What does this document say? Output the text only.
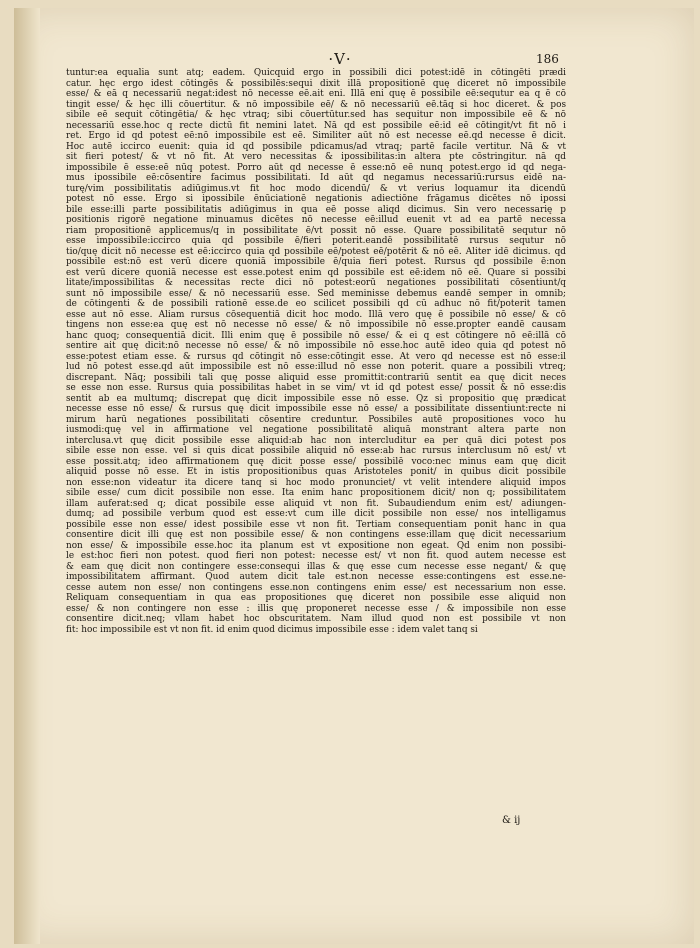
·V·	186
tuntur:ea equalia sunt atq; eadem. Quicquid ergo in possibili dici potest:idē in cōtingēti prædi
catur. hęc ergo idest cōtingēs & possibilēs:sequi dixit illā propositionē quę diceret nō impossibile
esse/ & eā q necessariū negat:idest nō necesse eē.ait eni. Illā eni quę ē possibile eē:sequtur ea q ē cō
tingit esse/ & hęc illi cōuertitur. & nō impossibile eē/ & nō necessariū eē.tāq si hoc diceret. & pos
sibile eē sequit cōtingētia/ & hęc vtraq; sibi cōuertūtur.sed has sequitur non impossibile eē & nō
necessariū esse.hoc q recte dictū fit nemini latet. Nā qd est possibile eē:id eē cōtingit/vt fit nō i
ret. Ergo id qd potest eē:nō impossibile est eē. Similiter aūt nō est necesse eē.qd necesse ē dicit.
Hoc autē iccirco euenit: quia id qd possibile pdicamus/ad vtraq; partē facile vertitur. Nā & vt
sit fieri potest/ & vt nō fit. At vero necessitas & ipossibilitas:in altera pte cōstringitur. nā qd
impossibile ē esse:eē nūq potest. Porro aūt qd necesse ē esse:nō eē nunq potest.ergo id qd nega-
mus ipossibile eē:cōsentire facimus possibilitati. Id aūt qd negamus necessariū:rursus eidē na-
turę/vim possibilitatis adiūgimus.vt fit hoc modo dicendū/ & vt verius loquamur ita dicendū
potest nō esse. Ergo si ipossibile ēnūciationē negationis adiectiōne frāgamus dicētes nō ipossi
bile esse:illi parte possibilitatis adiūgimus in qua eē posse aliqd dicimus. Sin vero necessarię p
positionis rigorē negatione minuamus dicētes nō necesse eē:illud euenit vt ad ea partē necessa
riam propositionē applicemus/q in possibilitate ē/vt possit nō esse. Quare possibilitatē sequtur nō
esse impossibile:iccirco quia qd possibile ē/fieri poterit.eandē possibilitatē rursus sequtur nō
tio/quę dicit nō necesse est eē:iccirco quia qd possibile eē/potest eē/potērit & nō eē. Aliter idē dicimus. qd
possibile est:nō est verū dicere quoniā impossibile ē/quia fieri potest. Rursus qd possibile ē:non
est verū dicere quoniā necesse est esse.potest enim qd possibile est eē:idem nō eē. Quare si possibi
litate/impossibilitas & necessitas recte dici nō potest:eorū negationes possibilitati cōsentiunt/q
sunt nō impossibile esse/ & nō necessariū esse. Sed meminisse debemus eandē semper in omnib;
de cōtingenti & de possibili rationē esse.de eo scilicet possibili qd cū adhuc nō fit/poterit tamen
esse aut nō esse. Aliam rursus cōsequentiā dicit hoc modo. Illā vero quę ē possibile nō esse/ & cō
tingens non esse:ea quę est nō necesse nō esse/ & nō impossibile nō esse.propter eandē causam
hanc quoq; consequentiā dicit. Illi enim quę ē possibile nō esse/ & ei q est cōtingere nō eē:illā cō
sentire ait quę dicit:nō necesse nō esse/ & nō impossibile nō esse.hoc autē ideo quia qd potest nō
esse:potest etiam esse. & rursus qd cōtingit nō esse:cōtingit esse. At vero qd necesse est nō esse:il
lud nō potest esse.qd aūt impossibile est nō esse:illud nō esse non poterit. quare a possibili vtreq;
discrepant. Nāq; possibili tali quę posse aliquid esse promittit:contrariū sentit ea quę dicit neces
se esse non esse. Rursus quia possibilitas habet in se vim/ vt id qd potest esse/ possit & nō esse:dis
sentit ab ea multumq; discrepat quę dicit impossibile esse nō esse. Qz si propositio quę prædicat
necesse esse nō esse/ & rursus quę dicit impossibile esse nō esse/ a possibilitate dissentiunt:recte ni
mirum harū negationes possibilitati cōsentire creduntur. Possibiles autē propositiones voco hu
iusmodi:quę vel in affirmatione vel negatione possibilitatē aliquā monstrant altera parte non
interclusa.vt quę dicit possibile esse aliquid:ab hac non intercluditur ea per quā dici potest pos
sibile esse non esse. vel si quis dicat possibile aliquid nō esse:ab hac rursus interclusum nō est/ vt
esse possit.atq; ideo affirmationem quę dicit posse esse/ possibilē voco:nec minus eam quę dicit
aliquid posse nō esse. Et in istis propositionibus quas Aristoteles ponit/ in quibus dicit possibile
non esse:non videatur ita dicere tanq si hoc modo pronunciet/ vt velit intendere aliquid impos
sibile esse/ cum dicit possibile non esse. Ita enim hanc propositionem dicit/ non q; possibilitatem
illam auferat:sed q; dicat possibile esse aliquid vt non fit. Subaudiendum enim est/ adiungen-
dumq; ad possibile verbum quod est esse:vt cum ille dicit possibile non esse/ nos intelligamus
possibile esse non esse/ idest possibile esse vt non fit. Tertiam consequentiam ponit hanc in qua
consentire dicit illi quę est non possibile esse/ & non contingens esse:illam quę dicit necessarium
non esse/ & impossibile esse.hoc ita planum est vt expositione non egeat. Qd enim non possibi-
le est:hoc fieri non potest. quod fieri non potest: necesse est/ vt non fit. quod autem necesse est
& eam quę dicit non contingere esse:consequi illas & quę esse cum necesse esse negant/ & quę
impossibilitatem affirmant. Quod autem dicit tale est.non necesse esse:contingens est esse.ne-
cesse autem non esse/ non contingens esse.non contingens enim esse/ est necessarium non esse.
Reliquam consequentiam in qua eas propositiones quę diceret non possibile esse aliquid non
esse/ & non contingere non esse : illis quę proponeret necesse esse / & impossibile non esse
consentire dicit.neq; vllam habet hoc obscuritatem. Nam illud quod non est possibile vt non
fit: hoc impossibile est vt non fit. id enim quod dicimus impossibile esse : idem valet tanq si
& ij
